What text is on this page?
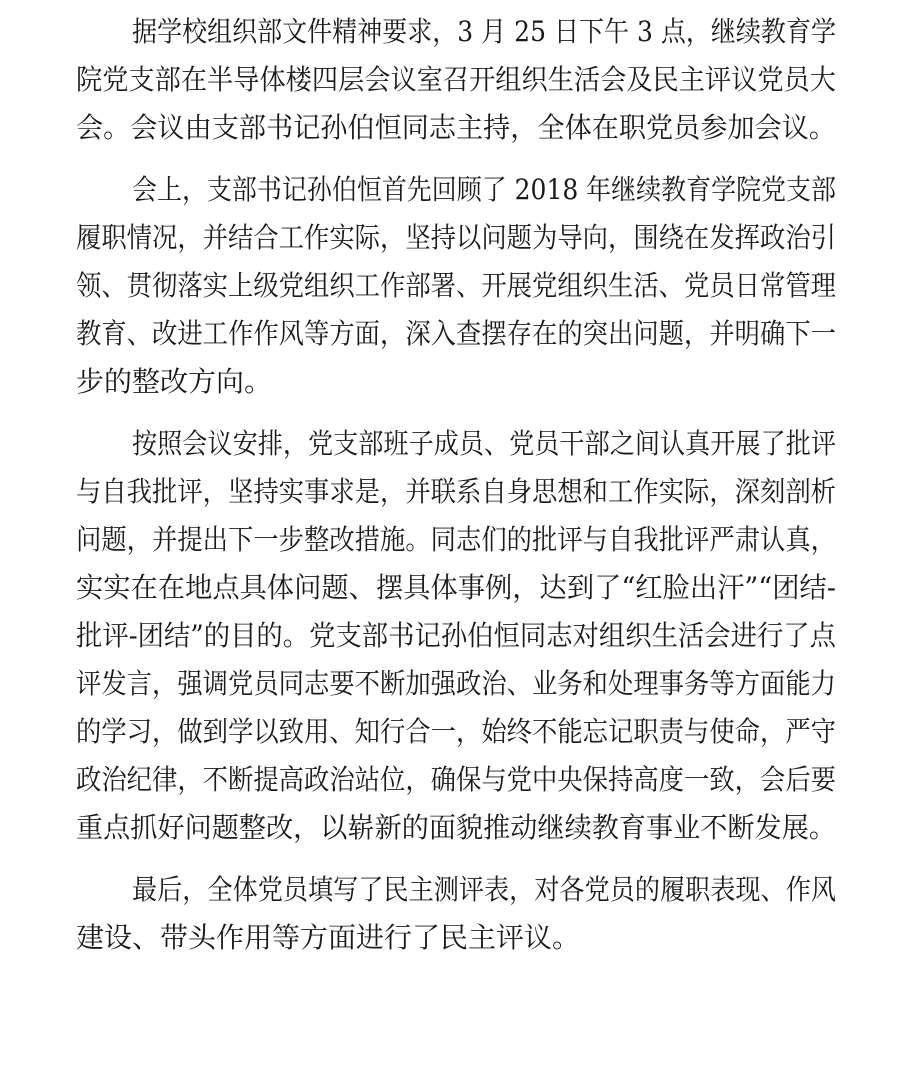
据学校组织部文件精神要求，3 月 25 日下午 3 点，继续教育学
院党支部在半导体楼四层会议室召开组织生活会及民主评议党员大
会。会议由支部书记孙伯恒同志主持，全体在职党员参加会议。
会上，支部书记孙伯恒首先回顾了 2018 年继续教育学院党支部
履职情况，并结合工作实际，坚持以问题为导向，围绕在发挥政治引
领、贯彻落实上级党组织工作部署、开展党组织生活、党员日常管理
教育、改进工作作风等方面，深入查摆存在的突出问题，并明确下一
步的整改方向。
按照会议安排，党支部班子成员、党员干部之间认真开展了批评
与自我批评，坚持实事求是，并联系自身思想和工作实际，深刻剖析
问题，并提出下一步整改措施。同志们的批评与自我批评严肃认真，
实实在在地点具体问题、摆具体事例，达到了“红脸出汗”“团结-
批评-团结”的目的。党支部书记孙伯恒同志对组织生活会进行了点
评发言，强调党员同志要不断加强政治、业务和处理事务等方面能力
的学习，做到学以致用、知行合一，始终不能忘记职责与使命，严守
政治纪律，不断提高政治站位，确保与党中央保持高度一致，会后要
重点抓好问题整改，以崭新的面貌推动继续教育事业不断发展。
最后，全体党员填写了民主测评表，对各党员的履职表现、作风
建设、带头作用等方面进行了民主评议。
